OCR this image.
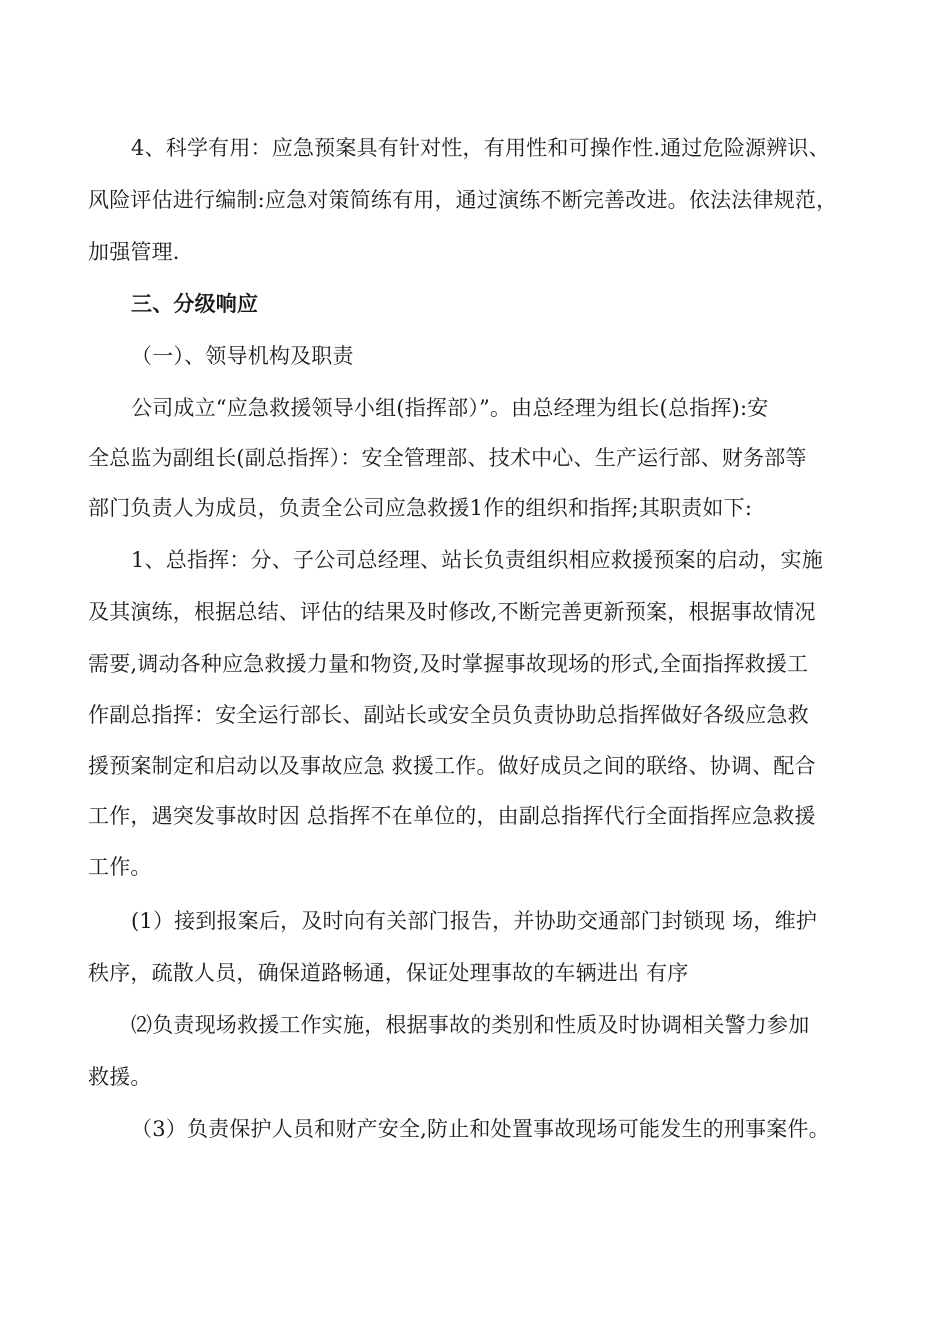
4、科学有用：应急预案具有针对性，有用性和可操作性.通过危险源辨识、
风险评估进行编制:应急对策简练有用，通过演练不断完善改进。依法法律规范，
加强管理.
三、分级响应
（一）、领导机构及职责
公司成立“应急救援领导小组(指挥部）”。由总经理为组长(总指挥):安
全总监为副组长(副总指挥）：安全管理部、技术中心、生产运行部、财务部等
部门负责人为成员，负责全公司应急救援1作的组织和指挥;其职责如下:
1、总指挥：分、子公司总经理、站长负责组织相应救援预案的启动，实施
及其演练，根据总结、评估的结果及时修改,不断完善更新预案，根据事故情况
需要,调动各种应急救援力量和物资,及时掌握事故现场的形式,全面指挥救援工
作副总指挥：安全运行部长、副站长或安全员负责协助总指挥做好各级应急救
援预案制定和启动以及事故应急 救援工作。做好成员之间的联络、协调、配合
工作，遇突发事故时因 总指挥不在单位的，由副总指挥代行全面指挥应急救援
工作。
(1）接到报案后，及时向有关部门报告，并协助交通部门封锁现 场，维护
秩序，疏散人员，确保道路畅通，保证处理事故的车辆进出 有序
⑵负责现场救援工作实施，根据事故的类别和性质及时协调相关警力参加
救援。
（3）负责保护人员和财产安全,防止和处置事故现场可能发生的刑事案件。
